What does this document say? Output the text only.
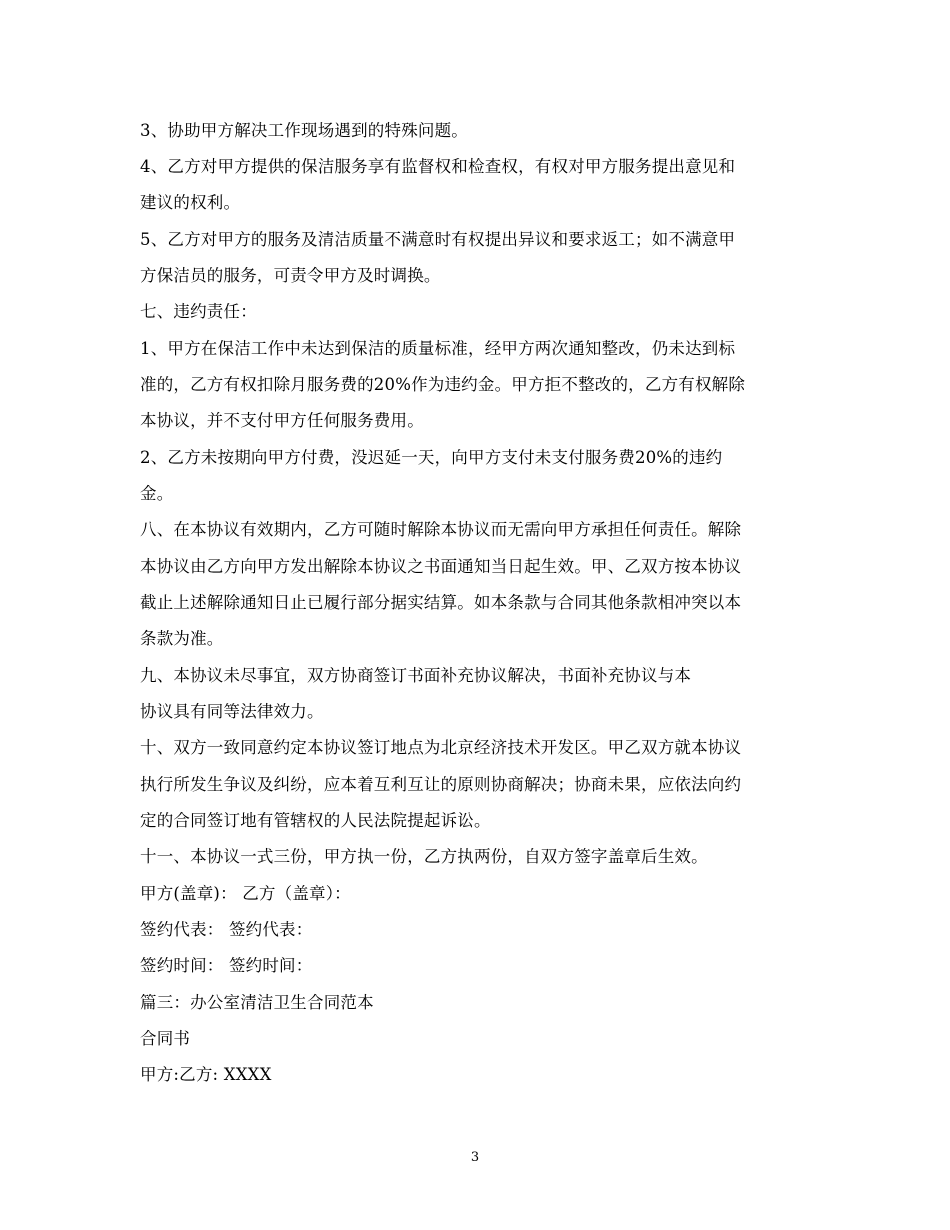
3、协助甲方解决工作现场遇到的特殊问题。
4、乙方对甲方提供的保洁服务享有监督权和检查权，有权对甲方服务提出意见和
建议的权利。
5、乙方对甲方的服务及清洁质量不满意时有权提出异议和要求返工；如不满意甲
方保洁员的服务，可责令甲方及时调换。
七、违约责任：
1、甲方在保洁工作中未达到保洁的质量标准，经甲方两次通知整改，仍未达到标
准的，乙方有权扣除月服务费的20%作为违约金。甲方拒不整改的，乙方有权解除
本协议，并不支付甲方任何服务费用。
2、乙方未按期向甲方付费，没迟延一天，向甲方支付未支付服务费20%的违约
金。
八、在本协议有效期内，乙方可随时解除本协议而无需向甲方承担任何责任。解除
本协议由乙方向甲方发出解除本协议之书面通知当日起生效。甲、乙双方按本协议
截止上述解除通知日止已履行部分据实结算。如本条款与合同其他条款相冲突以本
条款为准。
九、本协议未尽事宜，双方协商签订书面补充协议解决，书面补充协议与本
协议具有同等法律效力。
十、双方一致同意约定本协议签订地点为北京经济技术开发区。甲乙双方就本协议
执行所发生争议及纠纷，应本着互利互让的原则协商解决；协商未果，应依法向约
定的合同签订地有管辖权的人民法院提起诉讼。
十一、本协议一式三份，甲方执一份，乙方执两份，自双方签字盖章后生效。
甲方(盖章)： 乙方（盖章）：
签约代表： 签约代表：
签约时间： 签约时间：
篇三：办公室清洁卫生合同范本
合同书
甲方:乙方: XXXX
3
